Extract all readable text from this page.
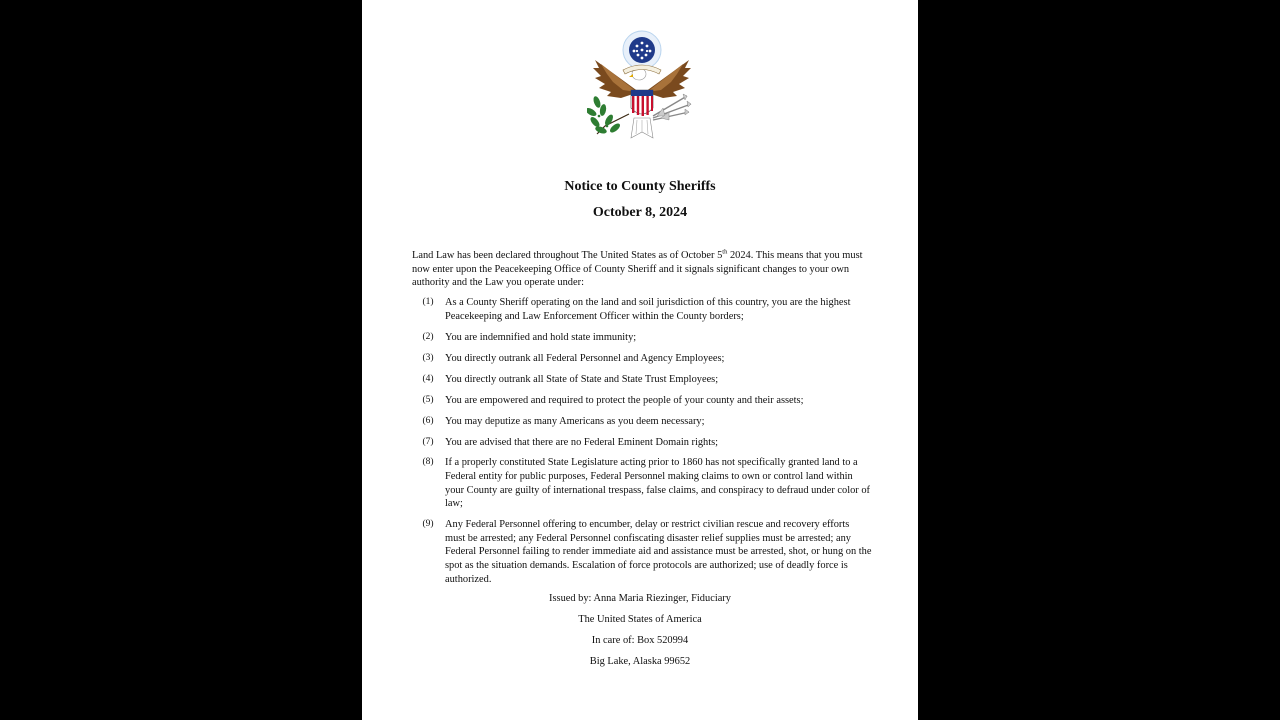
Notice to County Sheriffs
October 8, 2024

Land Law has been declared throughout The United States as of October 5th 2024. This means that you must now enter upon the Peacekeeping Office of County Sheriff and it signals significant changes to your own authority and the Law you operate under:

(1) As a County Sheriff operating on the land and soil jurisdiction of this country, you are the highest Peacekeeping and Law Enforcement Officer within the County borders;
(2) You are indemnified and hold state immunity;
(3) You directly outrank all Federal Personnel and Agency Employees;
(4) You directly outrank all State of State and State Trust Employees;
(5) You are empowered and required to protect the people of your county and their assets;
(6) You may deputize as many Americans as you deem necessary;
(7) You are advised that there are no Federal Eminent Domain rights;
(8) If a properly constituted State Legislature acting prior to 1860 has not specifically granted land to a Federal entity for public purposes, Federal Personnel making claims to own or control land within your County are guilty of international trespass, false claims, and conspiracy to defraud under color of law;
(9) Any Federal Personnel offering to encumber, delay or restrict civilian rescue and recovery efforts must be arrested; any Federal Personnel confiscating disaster relief supplies must be arrested; any Federal Personnel failing to render immediate aid and assistance must be arrested, shot, or hung on the spot as the situation demands. Escalation of force protocols are authorized; use of deadly force is authorized.
Issued by: Anna Maria Riezinger, Fiduciary
The United States of America
In care of: Box 520994
Big Lake, Alaska 99652
